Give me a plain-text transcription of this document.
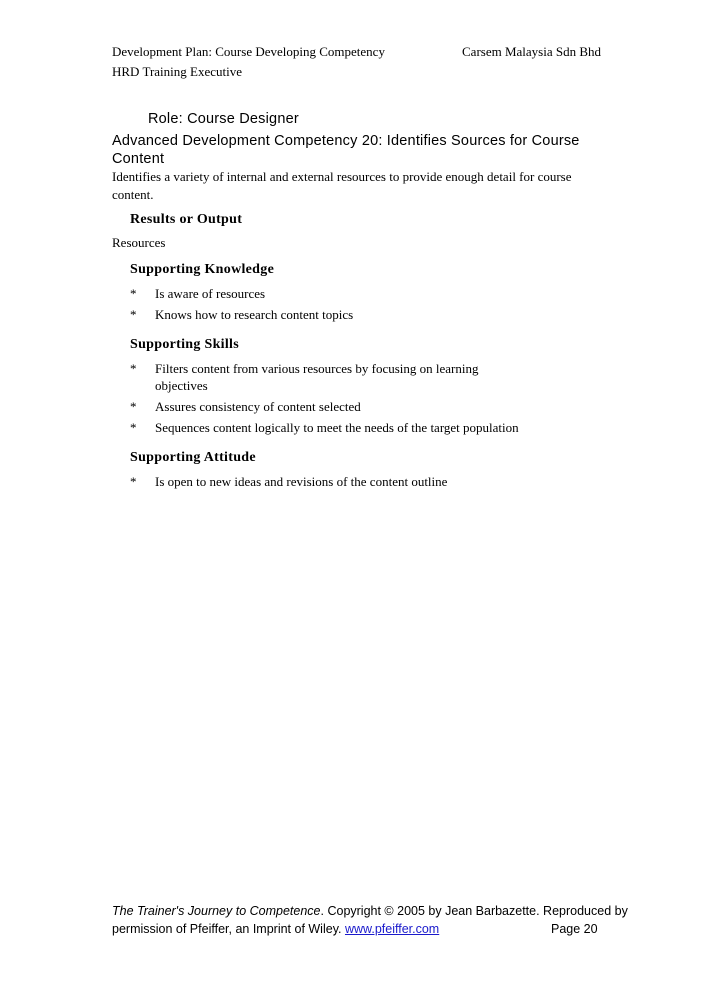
Development Plan: Course Developing Competency	Carsem Malaysia Sdn Bhd
HRD Training Executive
Role: Course Designer
Advanced Development Competency 20: Identifies Sources for Course
Content
Identifies a variety of internal and external resources to provide enough detail for course
content.
Results or Output
Resources
Supporting Knowledge
* Is aware of resources
* Knows how to research content topics
Supporting Skills
* Filters content from various resources by focusing on learning
objectives
* Assures consistency of content selected
* Sequences content logically to meet the needs of the target population
Supporting Attitude
* Is open to new ideas and revisions of the content outline
The Trainer's Journey to Competence. Copyright © 2005 by Jean Barbazette. Reproduced by
permission of Pfeiffer, an Imprint of Wiley. www.pfeiffer.com	Page 20
